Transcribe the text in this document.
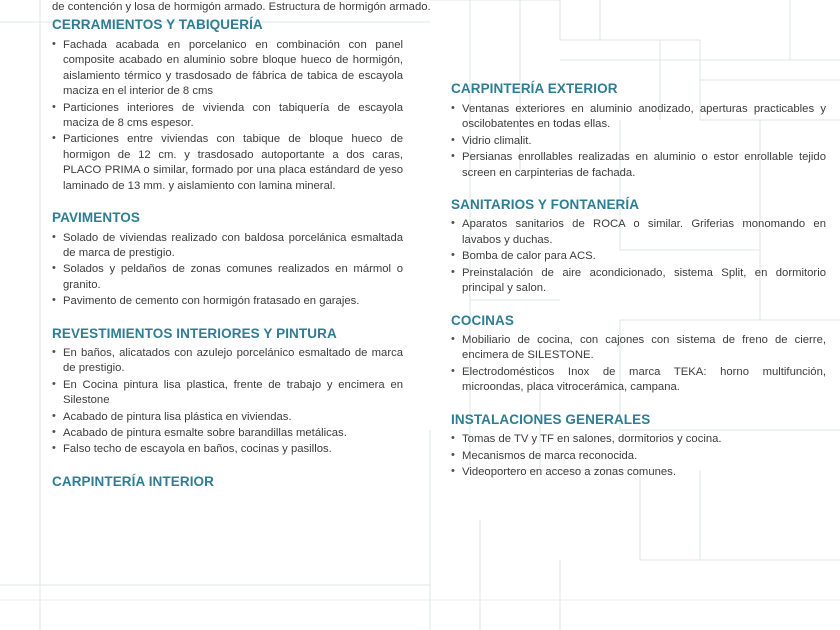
de contención y losa de hormigón armado. Estructura de hormigón armado.

CERRAMIENTOS Y TABIQUERÍA
• Fachada acabada en porcelanico en combinación con panel composite acabado en aluminio sobre bloque hueco de hormigón, aislamiento térmico y trasdosado de fábrica de tabica de escayola maciza en el interior de 8 cms
• Particiones interiores de vivienda con tabiquería de escayola maciza de 8 cms espesor.
• Particiones entre viviendas con tabique de bloque hueco de hormigon de 12 cm. y trasdosado autoportante a dos caras, PLACO PRIMA o similar, formado por una placa estándard de yeso laminado de 13 mm. y aislamiento con lamina mineral.
PAVIMENTOS
• Solado de viviendas realizado con baldosa porcelánica esmaltada de marca de prestigio.
• Solados y peldaños de zonas comunes realizados en mármol o granito.
• Pavimento de cemento con hormigón fratasado en garajes.
REVESTIMIENTOS INTERIORES Y PINTURA
• En baños, alicatados con azulejo porcelánico esmaltado de marca de prestigio.
• En Cocina pintura lisa plastica, frente de trabajo y encimera en Silestone
• Acabado de pintura lisa plástica en viviendas.
• Acabado de pintura esmalte sobre barandillas metálicas.
• Falso techo de escayola en baños, cocinas y pasillos.
CARPINTERÍA INTERIOR
CARPINTERÍA EXTERIOR
• Ventanas exteriores en aluminio anodizado, aperturas practicables y oscilobatentes en todas ellas.
• Vidrio climalit.
• Persianas enrollables realizadas en aluminio o estor enrollable tejido screen en carpinterias de fachada.
SANITARIOS Y FONTANERÍA
• Aparatos sanitarios de ROCA o similar. Griferias monomando en lavabos y duchas.
• Bomba de calor para ACS.
• Preinstalación de aire acondicionado, sistema Split, en dormitorio principal y salon.
COCINAS
• Mobiliario de cocina, con cajones con sistema de freno de cierre, encimera de SILESTONE.
• Electrodomésticos Inox de marca TEKA: horno multifunción, microondas, placa vitrocerámica, campana.
INSTALACIONES GENERALES
• Tomas de TV y TF en salones, dormitorios y cocina.
• Mecanismos de marca reconocida.
• Videoportero en acceso a zonas comunes.
